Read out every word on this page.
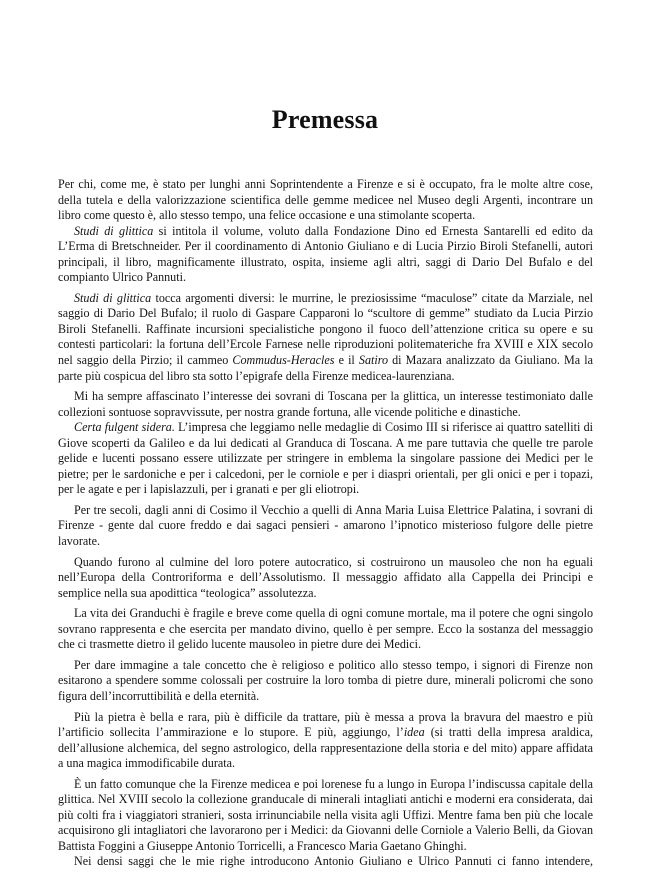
Premessa

Per chi, come me, è stato per lunghi anni Soprintendente a Firenze e si è occupato, fra le molte altre cose, della tutela e della valorizzazione scientifica delle gemme medicee nel Museo degli Argenti, incontrare un libro come questo è, allo stesso tempo, una felice occasione e una stimolante scoperta.

Studi di glittica si intitola il volume, voluto dalla Fondazione Dino ed Ernesta Santarelli ed edito da L’Erma di Bretschneider. Per il coordinamento di Antonio Giuliano e di Lucia Pirzio Biroli Stefanelli, autori principali, il libro, magnificamente illustrato, ospita, insieme agli altri, saggi di Dario Del Bufalo e del compianto Ulrico Pannuti.

Studi di glittica tocca argomenti diversi: le murrine, le preziosissime “maculose” citate da Marziale, nel saggio di Dario Del Bufalo; il ruolo di Gaspare Capparoni lo “scultore di gemme” studiato da Lucia Pirzio Biroli Stefanelli. Raffinate incursioni specialistiche pongono il fuoco dell’attenzione critica su opere e su contesti particolari: la fortuna dell’Ercole Farnese nelle riproduzioni politemateriche fra XVIII e XIX secolo nel saggio della Pirzio; il cammeo Commudus-Heracles e il Satiro di Mazara analizzato da Giuliano. Ma la parte più cospicua del libro sta sotto l’epigrafe della Firenze medicea-laurenziana.

Mi ha sempre affascinato l’interesse dei sovrani di Toscana per la glittica, un interesse testimoniato dalle collezioni sontuose sopravvissute, per nostra grande fortuna, alle vicende politiche e dinastiche.

Certa fulgent sidera. L’impresa che leggiamo nelle medaglie di Cosimo III si riferisce ai quattro satelliti di Giove scoperti da Galileo e da lui dedicati al Granduca di Toscana. A me pare tuttavia che quelle tre parole gelide e lucenti possano essere utilizzate per stringere in emblema la singolare passione dei Medici per le pietre; per le sardoniche e per i calcedoni, per le corniole e per i diaspri orientali, per gli onici e per i topazi, per le agate e per i lapislazzuli, per i granati e per gli eliotropi.

Per tre secoli, dagli anni di Cosimo il Vecchio a quelli di Anna Maria Luisa Elettrice Palatina, i sovrani di Firenze - gente dal cuore freddo e dai sagaci pensieri - amarono l’ipnotico misterioso fulgore delle pietre lavorate.

Quando furono al culmine del loro potere autocratico, si costruirono un mausoleo che non ha eguali nell’Europa della Controriforma e dell’Assolutismo. Il messaggio affidato alla Cappella dei Principi e semplice nella sua apodittica “teologica” assolutezza.

La vita dei Granduchi è fragile e breve come quella di ogni comune mortale, ma il potere che ogni singolo sovrano rappresenta e che esercita per mandato divino, quello è per sempre. Ecco la sostanza del messaggio che ci trasmette dietro il gelido lucente mausoleo in pietre dure dei Medici.

Per dare immagine a tale concetto che è religioso e politico allo stesso tempo, i signori di Firenze non esitarono a spendere somme colossali per costruire la loro tomba di pietre dure, minerali policromi che sono figura dell’incorruttibilità e della eternità.

Più la pietra è bella e rara, più è difficile da trattare, più è messa a prova la bravura del maestro e più l’artificio sollecita l’ammirazione e lo stupore. E più, aggiungo, l’idea (si tratti della impresa araldica, dell’allusione alchemica, del segno astrologico, della rappresentazione della storia e del mito) appare affidata a una magica immodificabile durata.

È un fatto comunque che la Firenze medicea e poi lorenese fu a lungo in Europa l’indiscussa capitale della glittica. Nel XVIII secolo la collezione granducale di minerali intagliati antichi e moderni era considerata, dai più colti fra i viaggiatori stranieri, sosta irrinunciabile nella visita agli Uffizi. Mentre fama ben più che locale acquisirono gli intagliatori che lavorarono per i Medici: da Giovanni delle Corniole a Valerio Belli, da Giovan Battista Foggini a Giuseppe Antonio Torricelli, a Francesco Maria Gaetano Ghinghi.

Nei densi saggi che le mie righe introducono Antonio Giuliano e Ulrico Pannuti ci fanno intendere,
